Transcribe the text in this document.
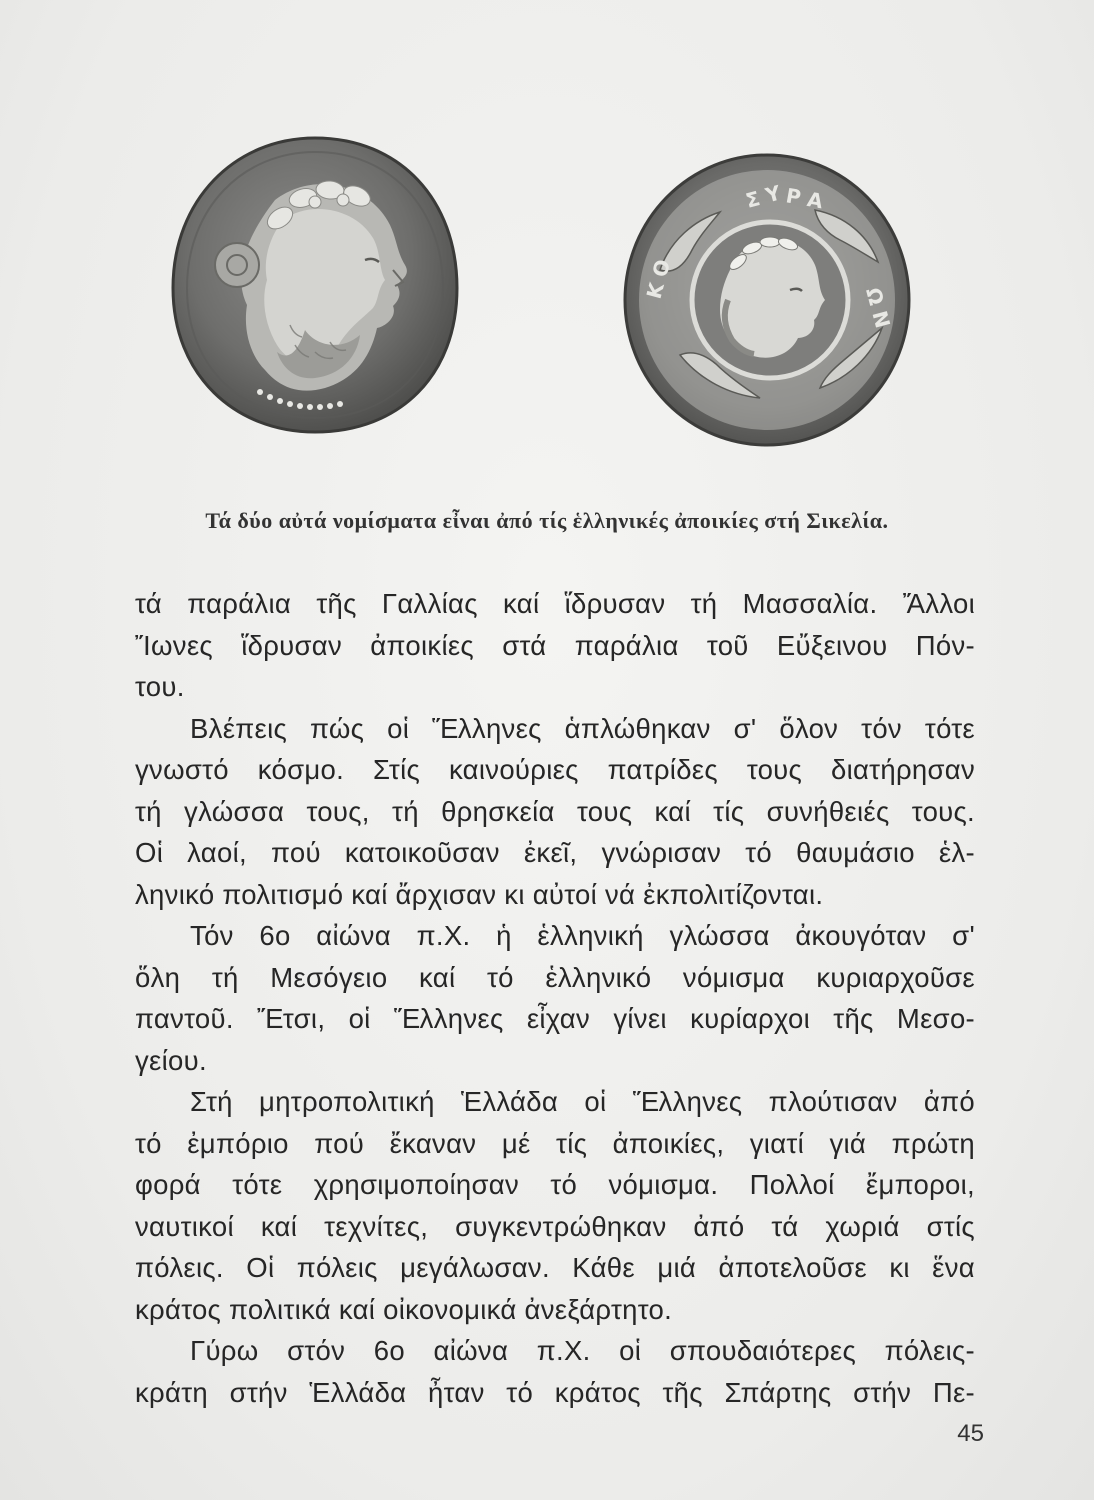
Σ Υ Ρ Α
Κ Ο
Ω Ν
Τά δύο αὐτά νομίσματα εἶναι ἀπό τίς ἑλληνικές ἀποικίες στή Σικελία.
τά παράλια τῆς Γαλλίας καί ἵδρυσαν τή Μασσαλία. Ἄλλοι
Ἴωνες ἵδρυσαν ἀποικίες στά παράλια τοῦ Εὔξεινου Πόν-
του.
Βλέπεις πώς οἱ Ἕλληνες ἁπλώθηκαν σ' ὅλον τόν τότε
γνωστό κόσμο. Στίς καινούριες πατρίδες τους διατήρησαν
τή γλώσσα τους, τή θρησκεία τους καί τίς συνήθειές τους.
Οἱ λαοί, πού κατοικοῦσαν ἐκεῖ, γνώρισαν τό θαυμάσιο ἑλ-
ληνικό πολιτισμό καί ἄρχισαν κι αὐτοί νά ἐκπολιτίζονται.
Τόν 6ο αἰώνα π.Χ. ἡ ἑλληνική γλώσσα ἀκουγόταν σ'
ὅλη τή Μεσόγειο καί τό ἑλληνικό νόμισμα κυριαρχοῦσε
παντοῦ. Ἔτσι, οἱ Ἕλληνες εἶχαν γίνει κυρίαρχοι τῆς Μεσο-
γείου.
Στή μητροπολιτική Ἑλλάδα οἱ Ἕλληνες πλούτισαν ἀπό
τό ἐμπόριο πού ἔκαναν μέ τίς ἀποικίες, γιατί γιά πρώτη
φορά τότε χρησιμοποίησαν τό νόμισμα. Πολλοί ἔμποροι,
ναυτικοί καί τεχνίτες, συγκεντρώθηκαν ἀπό τά χωριά στίς
πόλεις. Οἱ πόλεις μεγάλωσαν. Κάθε μιά ἀποτελοῦσε κι ἕνα
κράτος πολιτικά καί οἰκονομικά ἀνεξάρτητο.
Γύρω στόν 6ο αἰώνα π.Χ. οἱ σπουδαιότερες πόλεις-
κράτη στήν Ἑλλάδα ἦταν τό κράτος τῆς Σπάρτης στήν Πε-
45
